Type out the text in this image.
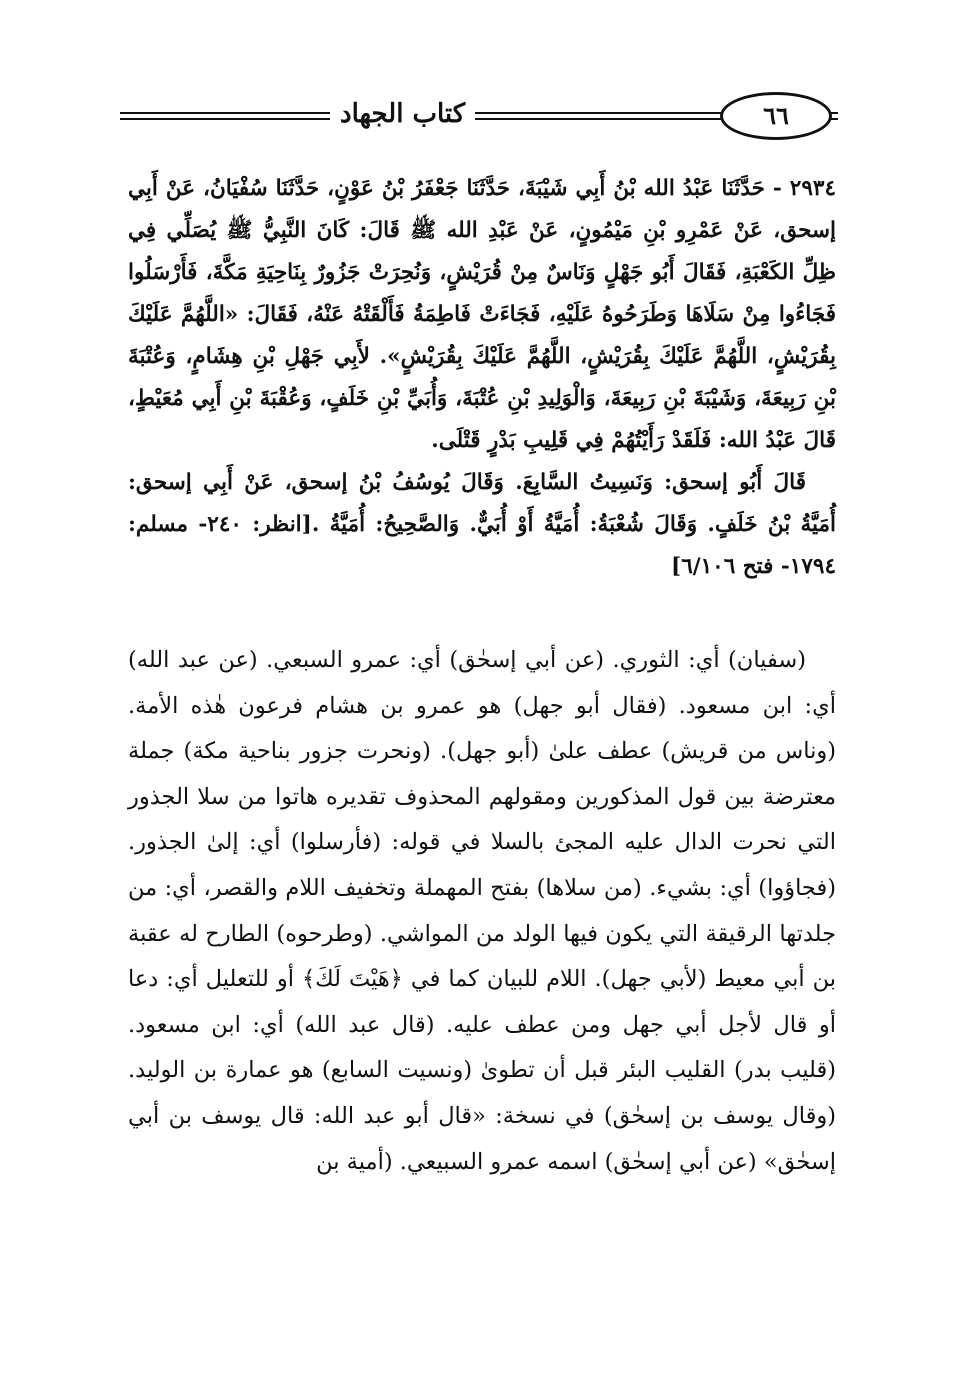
كتاب الجهاد	٦٦

٢٩٣٤ - حَدَّثَنَا عَبْدُ الله بْنُ أَبِي شَيْبَةَ، حَدَّثَنَا جَعْفَرُ بْنُ عَوْنٍ، حَدَّثَنَا سُفْيَانُ، عَنْ أَبِي إسحق، عَنْ عَمْرِو بْنِ مَيْمُونٍ، عَنْ عَبْدِ الله ﷺ قَالَ: كَانَ النَّبِيُّ ﷺ يُصَلِّي فِي ظِلِّ الكَعْبَةِ، فَقَالَ أَبُو جَهْلٍ وَنَاسٌ مِنْ قُرَيْشٍ، وَنُحِرَتْ جَزُورٌ بِنَاحِيَةِ مَكَّةَ، فَأَرْسَلُوا فَجَاءُوا مِنْ سَلَاهَا وَطَرَحُوهُ عَلَيْهِ، فَجَاءَتْ فَاطِمَةُ فَأَلْقَتْهُ عَنْهُ، فَقَالَ: «اللَّهُمَّ عَلَيْكَ بِقُرَيْشٍ، اللَّهُمَّ عَلَيْكَ بِقُرَيْشٍ، اللَّهُمَّ عَلَيْكَ بِقُرَيْشٍ». لأَبِي جَهْلِ بْنِ هِشَامٍ، وَعُتْبَةَ بْنِ رَبِيعَةَ، وَشَيْبَةَ بْنِ رَبِيعَةَ، وَالْوَلِيدِ بْنِ عُتْبَةَ، وَأُبَيِّ بْنِ خَلَفٍ، وَعُقْبَةَ بْنِ أَبِي مُعَيْطٍ، قَالَ عَبْدُ الله: فَلَقَدْ رَأَيْتُهُمْ فِي قَلِيبِ بَدْرٍ قَتْلَى.

قَالَ أَبُو إسحق: وَنَسِيتُ السَّابِعَ. وَقَالَ يُوسُفُ بْنُ إسحق، عَنْ أَبِي إسحق: أُمَيَّةُ بْنُ خَلَفٍ. وَقَالَ شُعْبَةُ: أُمَيَّةُ أَوْ أُبَيٌّ. وَالصَّحِيحُ: أُمَيَّةُ .[انظر: ٢٤٠- مسلم: ١٧٩٤- فتح ٦/١٠٦]

(سفيان) أي: الثوري. (عن أبي إسحٰق) أي: عمرو السبعي. (عن عبد الله) أي: ابن مسعود. (فقال أبو جهل) هو عمرو بن هشام فرعون هٰذه الأمة. (وناس من قريش) عطف علىٰ (أبو جهل). (ونحرت جزور بناحية مكة) جملة معترضة بين قول المذكورين ومقولهم المحذوف تقديره هاتوا من سلا الجذور التي نحرت الدال عليه المجئ بالسلا في قوله: (فأرسلوا) أي: إلىٰ الجذور. (فجاؤوا) أي: بشيء. (من سلاها) بفتح المهملة وتخفيف اللام والقصر، أي: من جلدتها الرقيقة التي يكون فيها الولد من المواشي. (وطرحوه) الطارح له عقبة بن أبي معيط (لأبي جهل). اللام للبيان كما في ﴿هَيْتَ لَكَ﴾ أو للتعليل أي: دعا أو قال لأجل أبي جهل ومن عطف عليه. (قال عبد الله) أي: ابن مسعود. (قليب بدر) القليب البئر قبل أن تطوىٰ (ونسيت السابع) هو عمارة بن الوليد. (وقال يوسف بن إسحٰق) في نسخة: «قال أبو عبد الله: قال يوسف بن أبي إسحٰق» (عن أبي إسحٰق) اسمه عمرو السبيعي. (أمية بن
